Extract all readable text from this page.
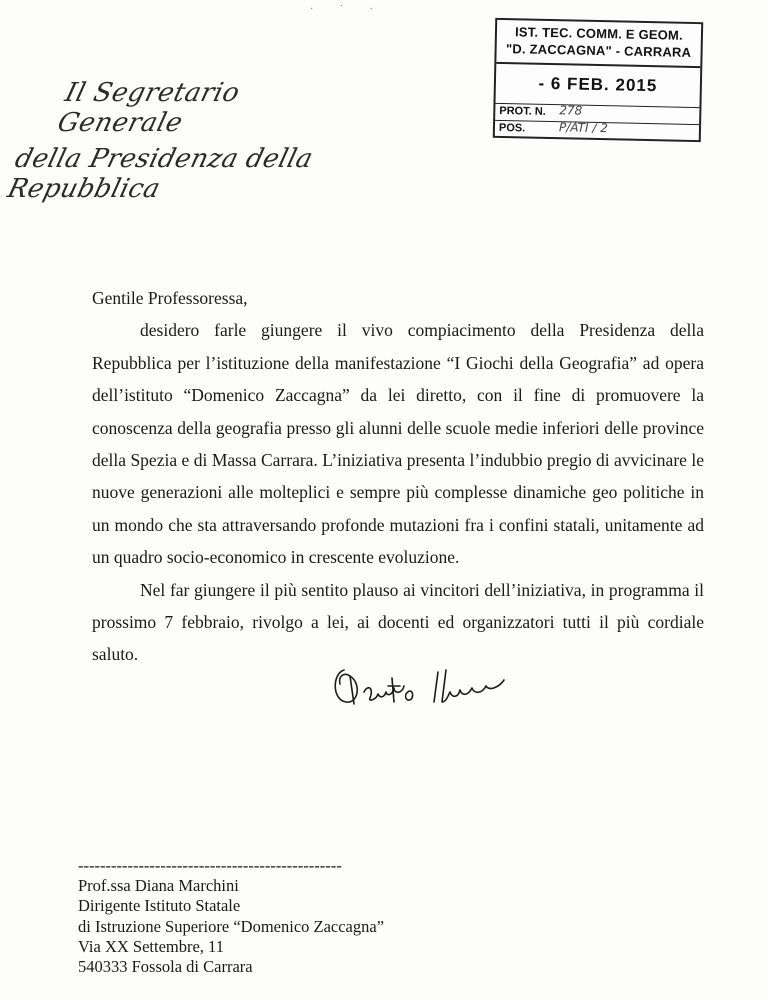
· ˙ ·
Il Segretario Generale
della Presidenza della Repubblica
IST. TEC. COMM. E GEOM.
"D. ZACCAGNA" - CARRARA
- 6 FEB. 2015
PROT. N. 278
POS.	P/ATI / 2

Gentile Professoressa,

desidero farle giungere il vivo compiacimento della Presidenza della Repubblica per l’istituzione della manifestazione “I Giochi della Geografia” ad opera dell’istituto “Domenico Zaccagna” da lei diretto, con il fine di promuovere la conoscenza della geografia presso gli alunni delle scuole medie inferiori delle province della Spezia e di Massa Carrara. L’iniziativa presenta l’indubbio pregio di avvicinare le nuove generazioni alle molteplici e sempre più complesse dinamiche geo politiche in un mondo che sta attraversando profonde mutazioni fra i confini statali, unitamente ad un quadro socio-economico in crescente evoluzione.

Nel far giungere il più sentito plauso ai vincitori dell’iniziativa, in programma il prossimo 7 febbraio, rivolgo a lei, ai docenti ed organizzatori tutti il più cordiale saluto.

------------------------------------------------
Prof.ssa Diana Marchini
Dirigente Istituto Statale
di Istruzione Superiore “Domenico Zaccagna”
Via XX Settembre, 11
540333 Fossola di Carrara
